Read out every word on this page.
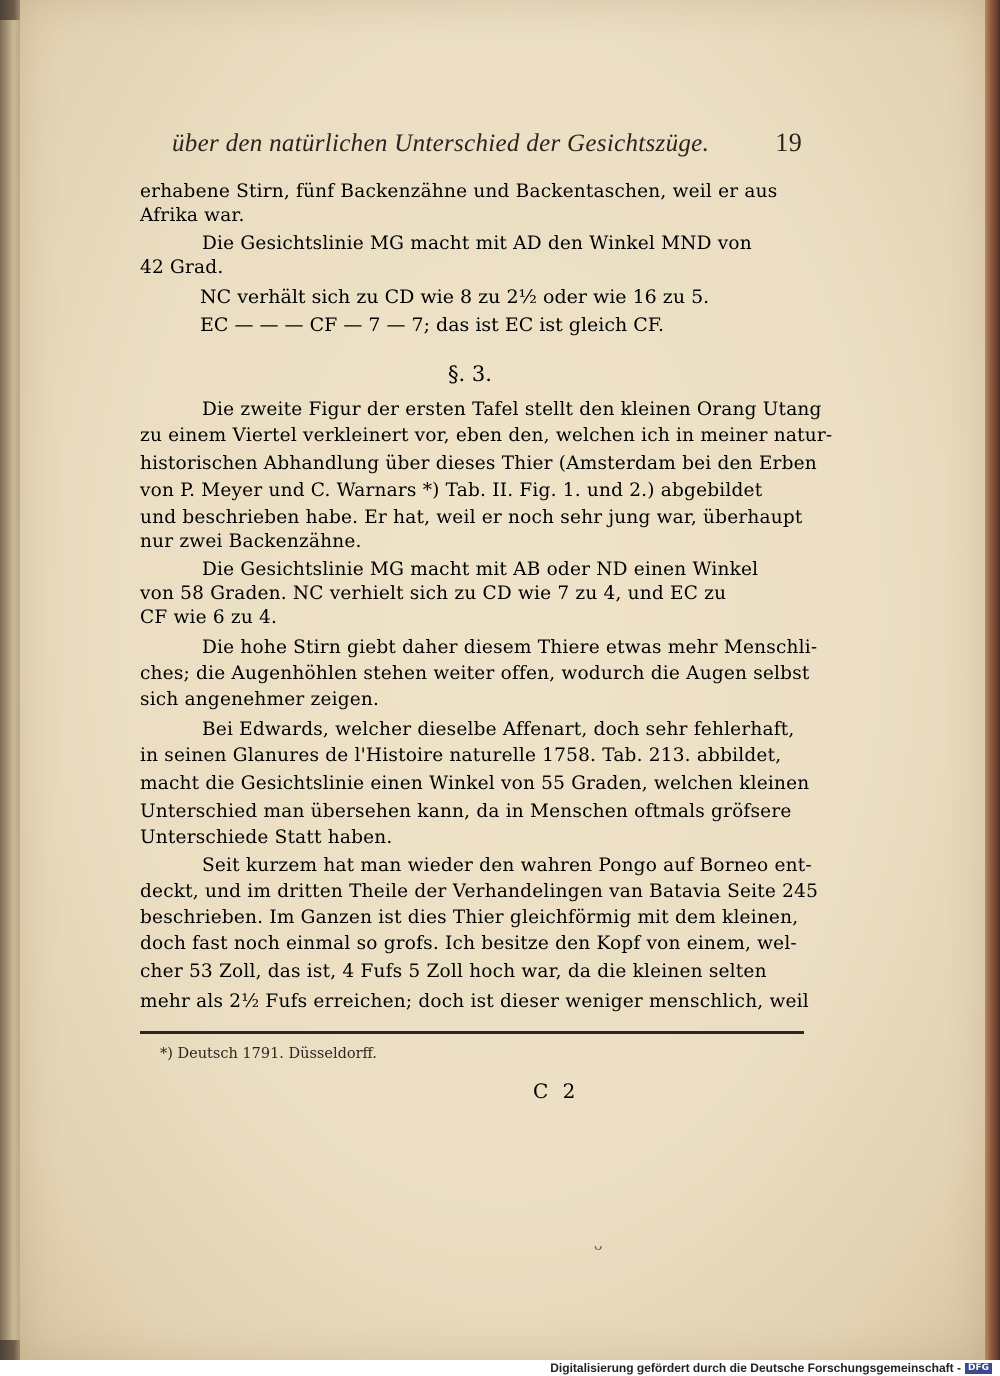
über den natürlichen Unterschied der Gesichtszüge.	19
erhabene Stirn, fünf Backenzähne und Backentaschen, weil er aus
Afrika war.
Die Gesichtslinie MG macht mit AD den Winkel MND von
42 Grad.
NC verhält sich zu CD wie 8 zu 2½ oder wie 16 zu 5.
EC — — — CF — 7 — 7; das ist EC ist gleich CF.
§. 3.
Die zweite Figur der ersten Tafel stellt den kleinen Orang Utang
zu einem Viertel verkleinert vor, eben den, welchen ich in meiner natur-
historischen Abhandlung über dieses Thier (Amsterdam bei den Erben
von P. Meyer und C. Warnars *) Tab. II. Fig. 1. und 2.) abgebildet
und beschrieben habe. Er hat, weil er noch sehr jung war, überhaupt
nur zwei Backenzähne.
Die Gesichtslinie MG macht mit AB oder ND einen Winkel
von 58 Graden. NC verhielt sich zu CD wie 7 zu 4, und EC zu
CF wie 6 zu 4.
Die hohe Stirn giebt daher diesem Thiere etwas mehr Menschli-
ches; die Augenhöhlen stehen weiter offen, wodurch die Augen selbst
sich angenehmer zeigen.
Bei Edwards, welcher dieselbe Affenart, doch sehr fehlerhaft,
in seinen Glanures de l'Histoire naturelle 1758. Tab. 213. abbildet,
macht die Gesichtslinie einen Winkel von 55 Graden, welchen kleinen
Unterschied man übersehen kann, da in Menschen oftmals gröfsere
Unterschiede Statt haben.
Seit kurzem hat man wieder den wahren Pongo auf Borneo ent-
deckt, und im dritten Theile der Verhandelingen van Batavia Seite 245
beschrieben. Im Ganzen ist dies Thier gleichförmig mit dem kleinen,
doch fast noch einmal so grofs. Ich besitze den Kopf von einem, wel-
cher 53 Zoll, das ist, 4 Fufs 5 Zoll hoch war, da die kleinen selten
mehr als 2½ Fufs erreichen; doch ist dieser weniger menschlich, weil
*) Deutsch 1791. Düsseldorff.
C 2
ᴗ
Digitalisierung gefördert durch die Deutsche Forschungsgemeinschaft - DFG
